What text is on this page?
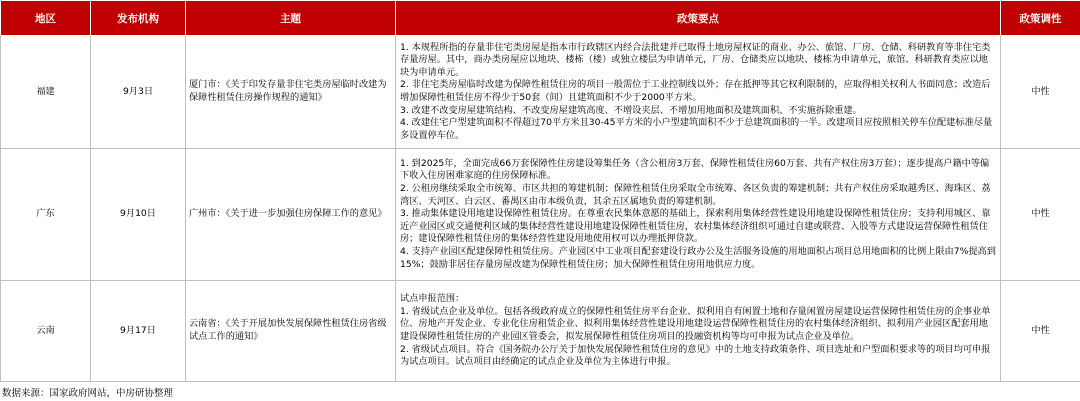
地区	发布机构	主题	政策要点	政策调性
福建	9月3日	厦门市：《关于印发存量非住宅类房屋临时改建为保障性租赁住房操作规程的通知》	1. 本规程所指的存量非住宅类房屋是指本市行政辖区内经合法批建并已取得土地房屋权证的商业、办公、旅馆、厂房、仓储、科研教育等非住宅类存量房屋。其中，商办类房屋应以地块、楼栋（楼）或独立楼层为申请单元，厂房、仓储类应以地块、楼栋为申请单元，旅馆、科研教育类应以地块为申请单元。
2. 非住宅类房屋临时改建为保障性租赁住房的项目一般需位于工业控制线以外；存在抵押等其它权利限制的，应取得相关权利人书面同意；改造后增加保障性租赁住房不得少于50套（间）且建筑面积不少于2000平方米。
3. 改建不改变房屋建筑结构、不改变房屋建筑高度、不增设夹层、不增加用地面积及建筑面积、不实施拆除重建。
4. 改建住宅户型建筑面积不得超过70平方米且30-45平方米的小户型建筑面积不少于总建筑面积的一半。改建项目应按照相关停车位配建标准尽量多设置停车位。	中性
广东	9月10日	广州市：《关于进一步加强住房保障工作的意见》	1. 到2025年，全面完成66万套保障性住房建设筹集任务（含公租房3万套、保障性租赁住房60万套、共有产权住房3万套）；逐步提高户籍中等偏下收入住房困难家庭的住房保障标准。
2. 公租房继续采取全市统筹、市区共担的筹建机制；保障性租赁住房采取全市统筹、各区负责的筹建机制；共有产权住房采取越秀区、海珠区、荔湾区、天河区、白云区、番禺区由市本级负责，其余五区属地负责的筹建机制。
3. 推动集体建设用地建设保障性租赁住房。在尊重农民集体意愿的基础上，探索利用集体经营性建设用地建设保障性租赁住房；支持利用城区、靠近产业园区或交通便利区域的集体经营性建设用地建设保障性租赁住房，农村集体经济组织可通过自建或联营、入股等方式建设运营保障性租赁住房；建设保障性租赁住房的集体经营性建设用地使用权可以办理抵押贷款。
4. 支持产业园区配建保障性租赁住房。产业园区中工业项目配套建设行政办公及生活服务设施的用地面积占项目总用地面积的比例上限由7%提高到15%；鼓励非居住存量房屋改建为保障性租赁住房；加大保障性租赁住房用地供应力度。	中性
云南	9月17日	云南省：《关于开展加快发展保障性租赁住房省级试点工作的通知》	试点申报范围：
1. 省级试点企业及单位。包括各级政府成立的保障性租赁住房平台企业、拟利用自有闲置土地和存量闲置房屋建设运营保障性租赁住房的企事业单位、房地产开发企业、专业化住房租赁企业、拟利用集体经营性建设用地建设运营保障性租赁住房的农村集体经济组织、拟利用产业园区配套用地建设保障性租赁住房的产业园区管委会，拟发展保障性租赁住房项目的投融资机构等均可申报为试点企业及单位。
2. 省级试点项目。符合《国务院办公厅关于加快发展保障性租赁住房的意见》中的土地支持政策条件、项目选址和户型面积要求等的项目均可申报为试点项目。试点项目由经确定的试点企业及单位为主体进行申报。	中性
数据来源：国家政府网站，中房研协整理
